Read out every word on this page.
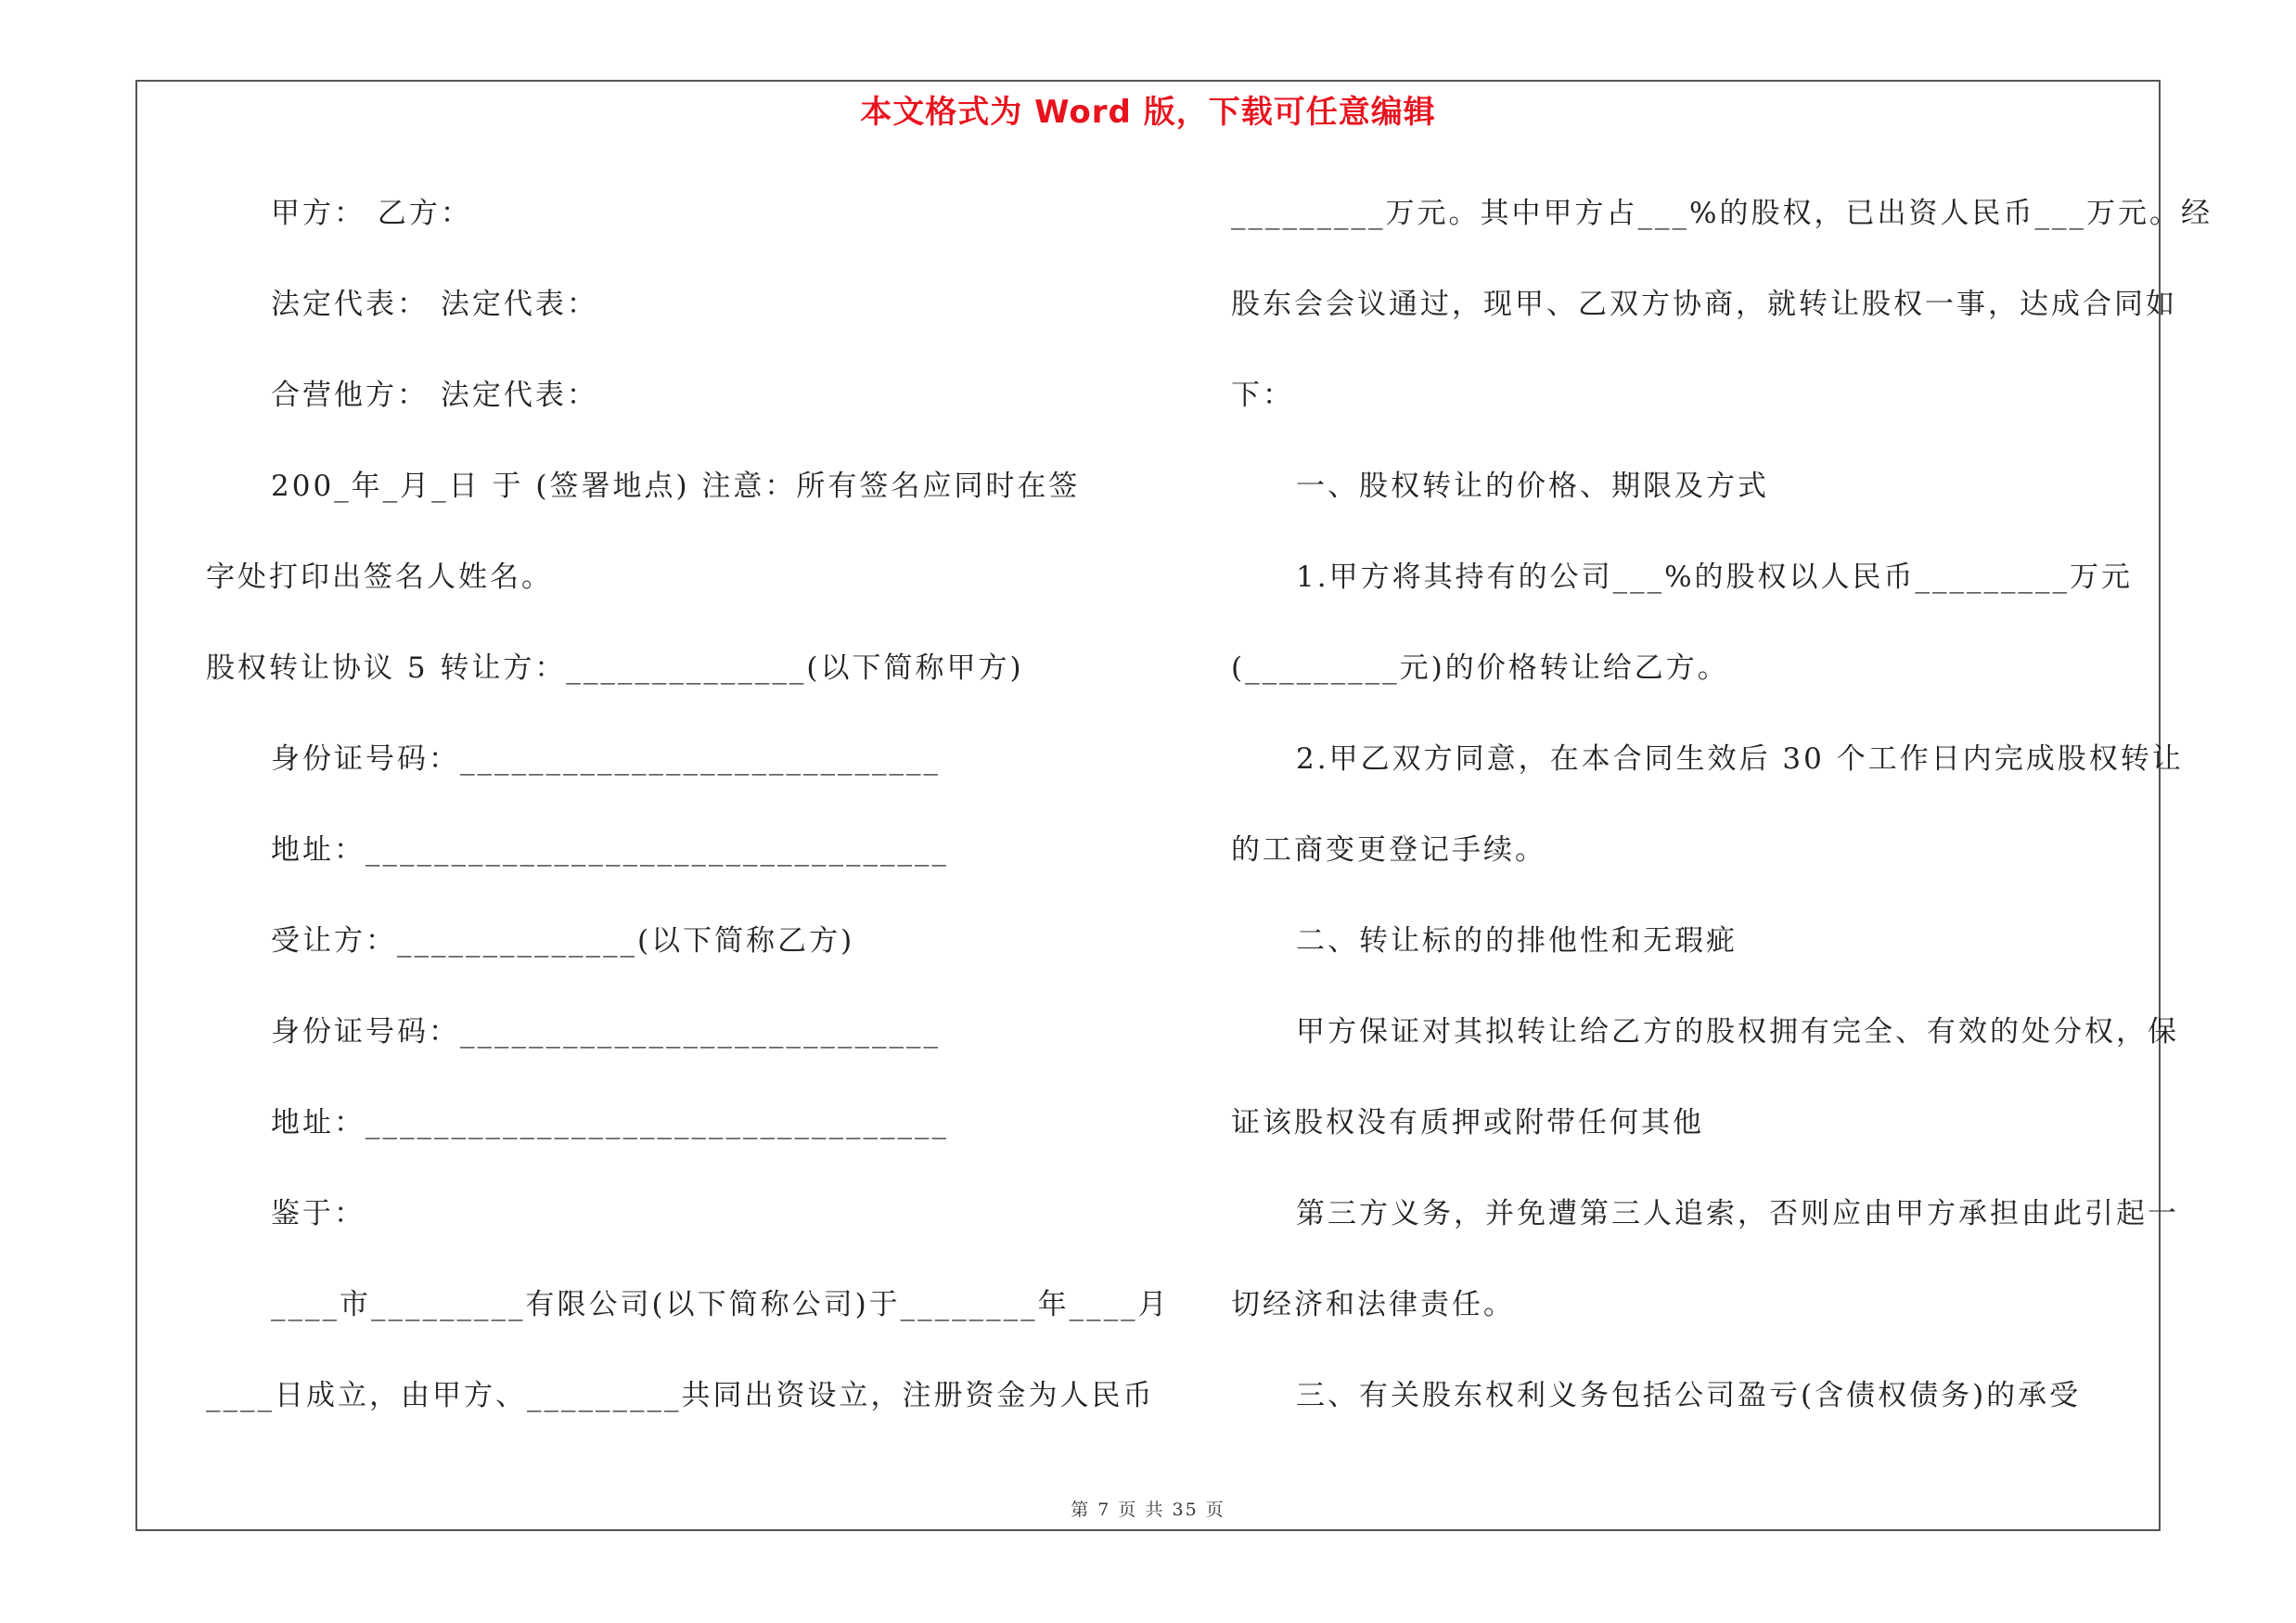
本文格式为 Word 版，下载可任意编辑
甲方： 乙方：
法定代表： 法定代表：
合营他方： 法定代表：
200_年_月_日 于 (签署地点) 注意：所有签名应同时在签
字处打印出签名人姓名。
股权转让协议 5 转让方：______________(以下简称甲方)
身份证号码：____________________________
地址：__________________________________
受让方：______________(以下简称乙方)
身份证号码：____________________________
地址：__________________________________
鉴于：
____市_________有限公司(以下简称公司)于________年____月
____日成立，由甲方、_________共同出资设立，注册资金为人民币
_________万元。其中甲方占___%的股权，已出资人民币___万元。经
股东会会议通过，现甲、乙双方协商，就转让股权一事，达成合同如
下：
一、股权转让的价格、期限及方式
1.甲方将其持有的公司___%的股权以人民币_________万元
(_________元)的价格转让给乙方。
2.甲乙双方同意，在本合同生效后 30 个工作日内完成股权转让
的工商变更登记手续。
二、转让标的的排他性和无瑕疵
甲方保证对其拟转让给乙方的股权拥有完全、有效的处分权，保
证该股权没有质押或附带任何其他
第三方义务，并免遭第三人追索，否则应由甲方承担由此引起一
切经济和法律责任。
三、有关股东权利义务包括公司盈亏(含债权债务)的承受
第 7 页 共 35 页
